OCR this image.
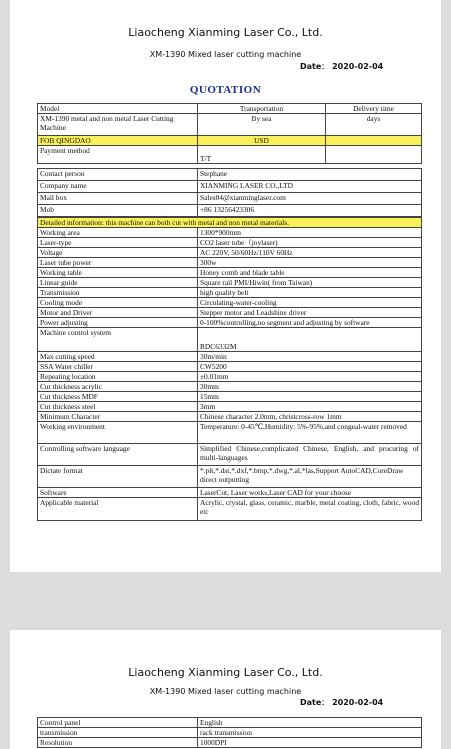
Liaocheng Xianming Laser Co., Ltd.
XM-1390 Mixed laser cutting machine
Date： 2020-02-04
QUOTATION
Model	Transportation	Delivery time
XM-1390 metal and non metal Laser Cutting Machine	By sea	days
FOB QINGDAO	USD	
Payment method	T/T	
Contact person	Stephane
Company name	XIANMING LASER CO.,LTD
Mail box	Sales04@xianminglaser.com
Mob	+86 13256423306
Detailed information: this machine can both cut with metal and non metal materials.	
Working area	1300*900mm
Laser-type	CO2 laser tube（joylaser)
Voltage	AC 220V, 50/60Hz/110V 60Hz
Laser tube power	300w
Working table	Honey comb and blade table
Linear guide	Square rail PMI/Hiwin( from Taiwan)
Transmission	high quality belt
Cooling mode	Circulating-water-cooling
Motor and Driver	Stepper motor and Leadshine driver
Power adjusting	0-100%controlling,no segment and adjusting by software
Machine control system	RDC6332M
Max cutting speed	30m/min
SSA Water chiller	CW5200
Repeating location	±0.01mm
Cut thickness acrylic	30mm
Cut thickness MDF	15mm
Cut thickness steel	3mm
Minimum Character	Chinese character 2.0mm, christcross-row 1mm
Working environment	Temperature: 0-45℃,Humidity: 5%-95%,and congeal-water removed
Controlling software language	Simplified Chinese,complicated Chinese, English, and procuring of multi-languages
Dictate format	*.plt,*.dst,*.dxf,*.bmp,*.dwg,*.al,*las,Support AutoCAD,CoreDraw direct outputting
Software	LaserCut, Laser works,Laser CAD for your choose
Applicable material	Acrylic, crystal, glass, ceramic, marble, metal coating, cloth, fabric, wood etc
Liaocheng Xianming Laser Co., Ltd.
XM-1390 Mixed laser cutting machine
Date： 2020-02-04
Control panel	English
transmission	rack transmission
Resolution	1000DPI
